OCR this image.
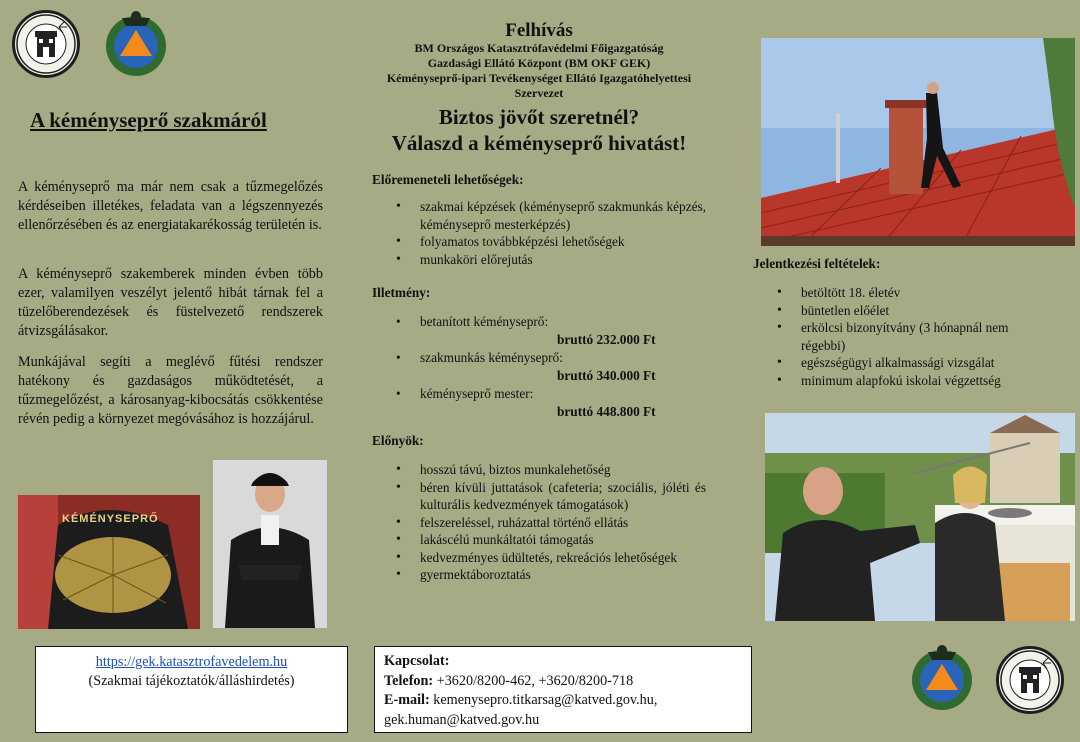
A kéményseprő szakmáról

A kéményseprő ma már nem csak a tűzmegelőzés kérdéseiben illetékes, feladata van a légszennyezés ellenőrzésében és az energiatakarékosság területén is.

A kéményseprő szakemberek minden évben több ezer, valamilyen veszélyt jelentő hibát tárnak fel a tüzelőberendezések és füstelvezető rendszerek átvizsgálásakor.

Munkájával segíti a meglévő fűtési rendszer hatékony és gazdaságos működtetését, a tűzmegelőzést, a károsanyag-kibocsátás csökkentése révén pedig a környezet megóvásához is hozzájárul.

KÉMÉNYSEPRŐ
Felhívás
BM Országos Katasztrófavédelmi Főigazgatóság
Gazdasági Ellátó Központ (BM OKF GEK)
Kéményseprő-ipari Tevékenységet Ellátó Igazgatóhelyettesi
Szervezet
Biztos jövőt szeretnél?
Válaszd a kéményseprő hivatást!
Előremeneteli lehetőségek:
• szakmai képzések (kéményseprő szakmunkás képzés, kéményseprő mesterképzés)
• folyamatos továbbképzési lehetőségek
• munkaköri előrejutás
Illetmény:
• betanított kéményseprő:
bruttó 232.000 Ft
• szakmunkás kéményseprő:
bruttó 340.000 Ft
• kéményseprő mester:
bruttó 448.800 Ft
Előnyök:
• hosszú távú, biztos munkalehetőség
• béren kívüli juttatások (cafeteria; szociális, jóléti és kulturális kedvezmények támogatások)
• felszereléssel, ruházattal történő ellátás
• lakáscélú munkáltatói támogatás
• kedvezményes üdültetés, rekreációs lehetőségek
• gyermektáboroztatás
Jelentkezési feltételek:
• betöltött 18. életév
• büntetlen előélet
• erkölcsi bizonyítvány (3 hónapnál nem régebbi)
• egészségügyi alkalmassági vizsgálat
• minimum alapfokú iskolai végzettség
https://gek.katasztrofavedelem.hu
(Szakmai tájékoztatók/álláshirdetés)
Kapcsolat:
Telefon: +3620/8200-462, +3620/8200-718
E-mail: kemenysepro.titkarsag@katved.gov.hu,
gek.human@katved.gov.hu
